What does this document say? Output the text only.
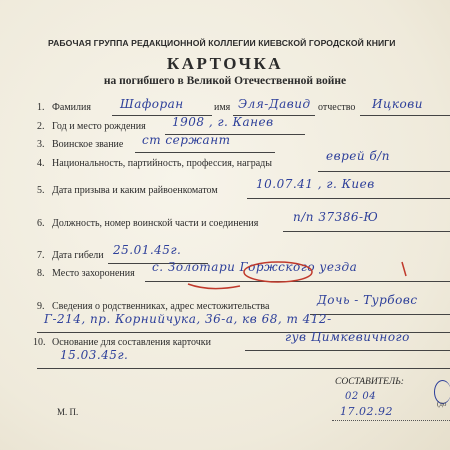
РАБОЧАЯ ГРУППА РЕДАКЦИОННОЙ КОЛЛЕГИИ КИЕВСКОЙ ГОРОДСКОЙ КНИГИ
КАРТОЧКА
на погибшего в Великой Отечественной войне
1. Фамилия Шафоран	имя Эля-Давид отчество Ицкови
2. Год и место рождения 1908 , г. Канев
3. Воинское звание ст сержант
4. Национальность, партийность, профессия, награды
еврей б/п
5. Дата призыва и каким райвоенкоматом	10.07.41 , г. Киев
6. Должность, номер воинской части и соединения	п/п 37386-Ю
7. Дата гибели 25.01.45г.
8. Место захоронения с. Золотари Горжского уезда
9. Сведения о родственниках, адрес местожительства	Дочь - Турбовс
Г-214, пр. Корнийчука, 36-а, кв 68, т 412-
10. Основание для составления карточки	гув Цимкевичного
15.03.45г.
М. П.
СОСТАВИТЕЛЬ:
(до
02 04
17.02.92
